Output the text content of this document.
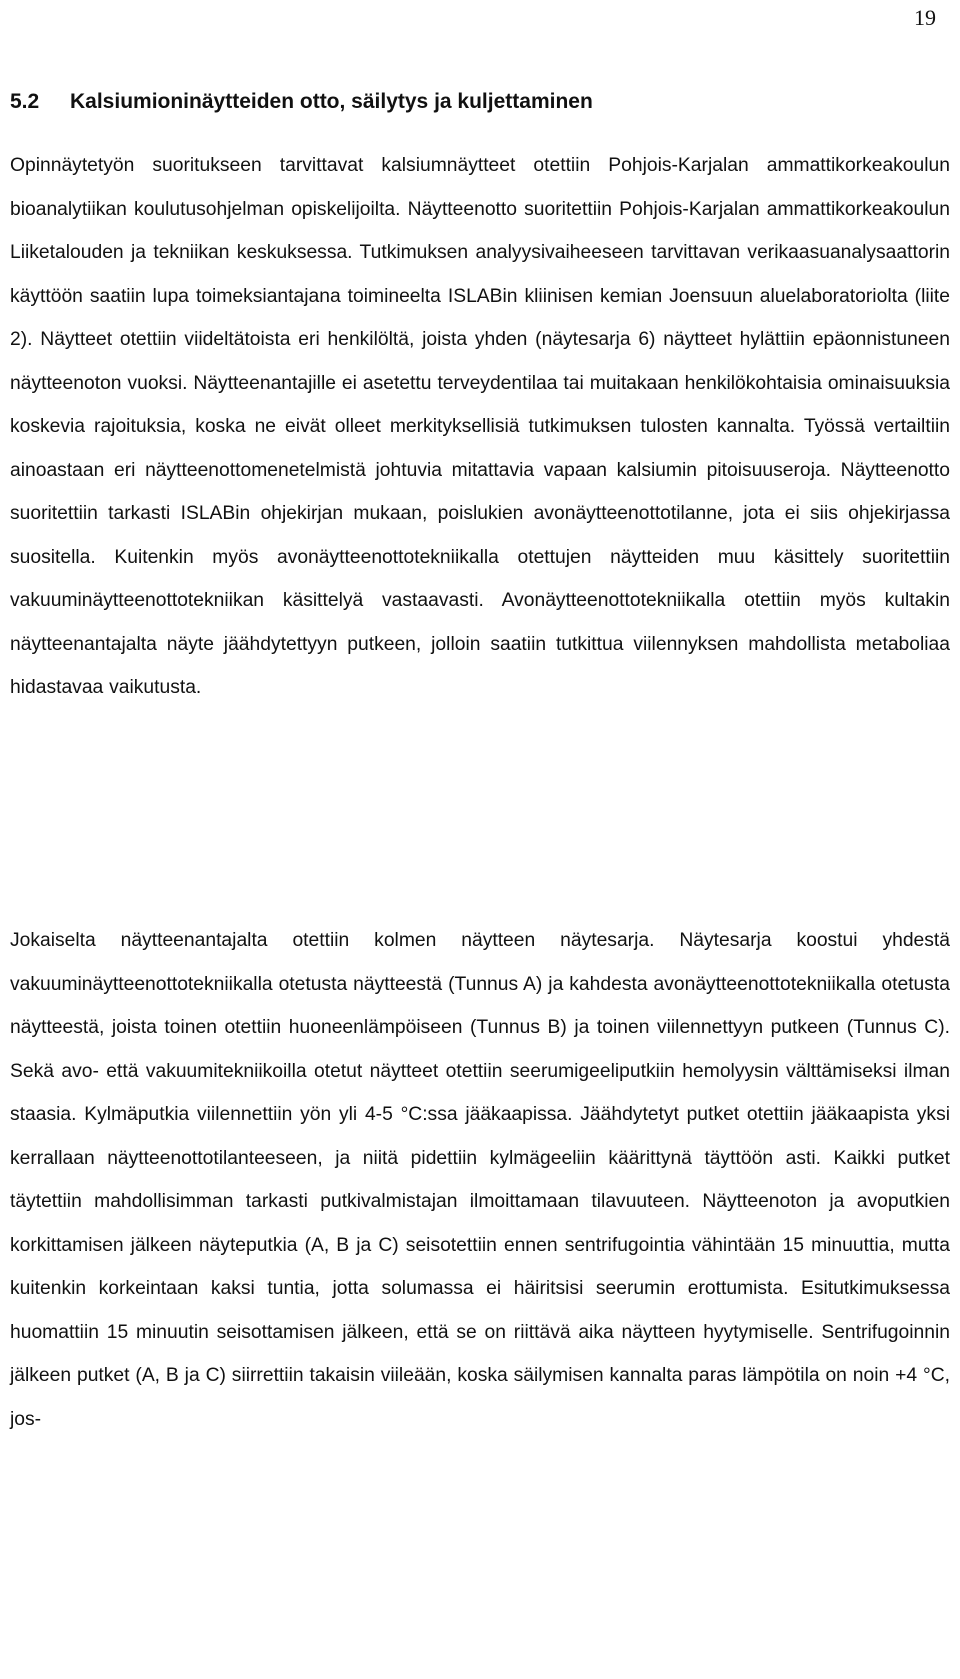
19
5.2 Kalsiumioninäytteiden otto, säilytys ja kuljettaminen

Opinnäytetyön suoritukseen tarvittavat kalsiumnäytteet otettiin Pohjois-Karjalan ammattikorkeakoulun bioanalytiikan koulutusohjelman opiskelijoilta. Näytteenotto suoritettiin Pohjois-Karjalan ammattikorkeakoulun Liiketalouden ja tekniikan keskuksessa. Tutkimuksen analyysivaiheeseen tarvittavan verikaasuanalysaattorin käyttöön saatiin lupa toimeksiantajana toimineelta ISLABin kliinisen kemian Joensuun aluelaboratoriolta (liite 2). Näytteet otettiin viideltätoista eri henkilöltä, joista yhden (näytesarja 6) näytteet hylättiin epäonnistuneen näytteenoton vuoksi. Näytteenantajille ei asetettu terveydentilaa tai muitakaan henkilökohtaisia ominaisuuksia koskevia rajoituksia, koska ne eivät olleet merkityksellisiä tutkimuksen tulosten kannalta. Työssä vertailtiin ainoastaan eri näytteenottomenetelmistä johtuvia mitattavia vapaan kalsiumin pitoisuuseroja. Näytteenotto suoritettiin tarkasti ISLABin ohjekirjan mukaan, poislukien avonäytteenottotilanne, jota ei siis ohjekirjassa suositella. Kuitenkin myös avonäytteenottotekniikalla otettujen näytteiden muu käsittely suoritettiin vakuuminäytteenottotekniikan käsittelyä vastaavasti. Avonäytteenottotekniikalla otettiin myös kultakin näytteenantajalta näyte jäähdytettyyn putkeen, jolloin saatiin tutkittua viilennyksen mahdollista metaboliaa hidastavaa vaikutusta.

Jokaiselta näytteenantajalta otettiin kolmen näytteen näytesarja. Näytesarja koostui yhdestä vakuuminäytteenottotekniikalla otetusta näytteestä (Tunnus A) ja kahdesta avonäytteenottotekniikalla otetusta näytteestä, joista toinen otettiin huoneenlämpöiseen (Tunnus B) ja toinen viilennettyyn putkeen (Tunnus C). Sekä avo- että vakuumitekniikoilla otetut näytteet otettiin seerumigeeliputkiin hemolyysin välttämiseksi ilman staasia. Kylmäputkia viilennettiin yön yli 4-5 °C:ssa jääkaapissa. Jäähdytetyt putket otettiin jääkaapista yksi kerrallaan näytteenottotilanteeseen, ja niitä pidettiin kylmägeeliin käärittynä täyttöön asti. Kaikki putket täytettiin mahdollisimman tarkasti putkivalmistajan ilmoittamaan tilavuuteen. Näytteenoton ja avoputkien korkittamisen jälkeen näyteputkia (A, B ja C) seisotettiin ennen sentrifugointia vähintään 15 minuuttia, mutta kuitenkin korkeintaan kaksi tuntia, jotta solumassa ei häiritsisi seerumin erottumista. Esitutkimuksessa huomattiin 15 minuutin seisottamisen jälkeen, että se on riittävä aika näytteen hyytymiselle. Sentrifugoinnin jälkeen putket (A, B ja C) siirrettiin takaisin viileään, koska säilymisen kannalta paras lämpötila on noin +4 °C, jos-
